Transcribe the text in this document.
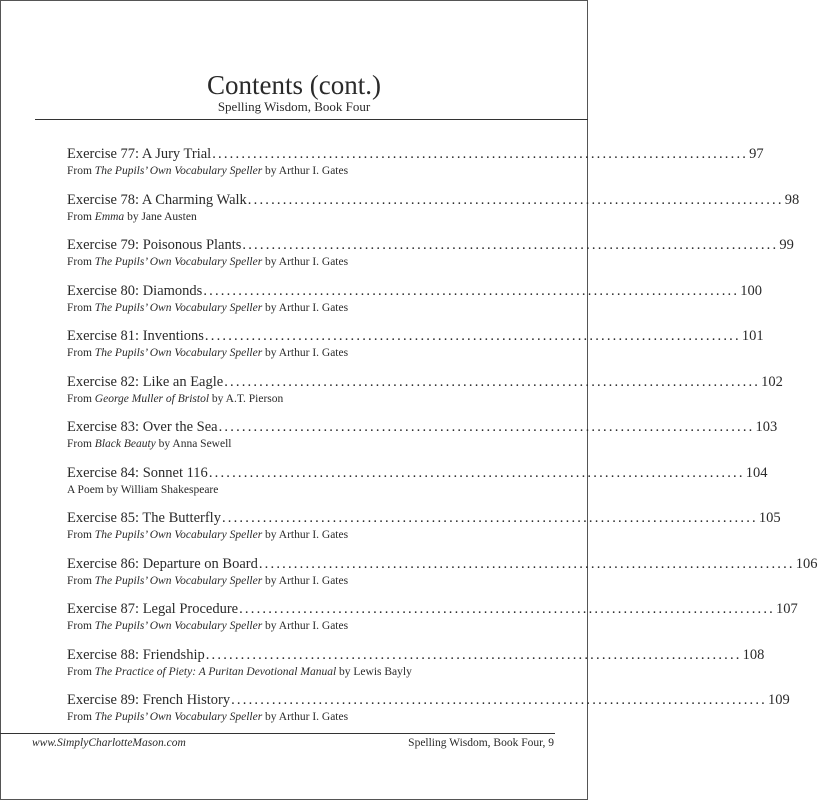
Contents (cont.)
Spelling Wisdom, Book Four
Exercise 77: A Jury Trial ............................................................................................ 97
From The Pupils’ Own Vocabulary Speller by Arthur I. Gates
Exercise 78: A Charming Walk ............................................................................................ 98
From Emma by Jane Austen
Exercise 79: Poisonous Plants ............................................................................................ 99
From The Pupils’ Own Vocabulary Speller by Arthur I. Gates
Exercise 80: Diamonds ............................................................................................ 100
From The Pupils’ Own Vocabulary Speller by Arthur I. Gates
Exercise 81: Inventions ............................................................................................ 101
From The Pupils’ Own Vocabulary Speller by Arthur I. Gates
Exercise 82: Like an Eagle ............................................................................................ 102
From George Muller of Bristol by A.T. Pierson
Exercise 83: Over the Sea ............................................................................................ 103
From Black Beauty by Anna Sewell
Exercise 84: Sonnet 116 ............................................................................................ 104
A Poem by William Shakespeare
Exercise 85: The Butterfly ............................................................................................ 105
From The Pupils’ Own Vocabulary Speller by Arthur I. Gates
Exercise 86: Departure on Board ............................................................................................ 106
From The Pupils’ Own Vocabulary Speller by Arthur I. Gates
Exercise 87: Legal Procedure ............................................................................................ 107
From The Pupils’ Own Vocabulary Speller by Arthur I. Gates
Exercise 88: Friendship ............................................................................................ 108
From The Practice of Piety: A Puritan Devotional Manual by Lewis Bayly
Exercise 89: French History ............................................................................................ 109
From The Pupils’ Own Vocabulary Speller by Arthur I. Gates
www.SimplyCharlotteMason.com	Spelling Wisdom, Book Four, 9
